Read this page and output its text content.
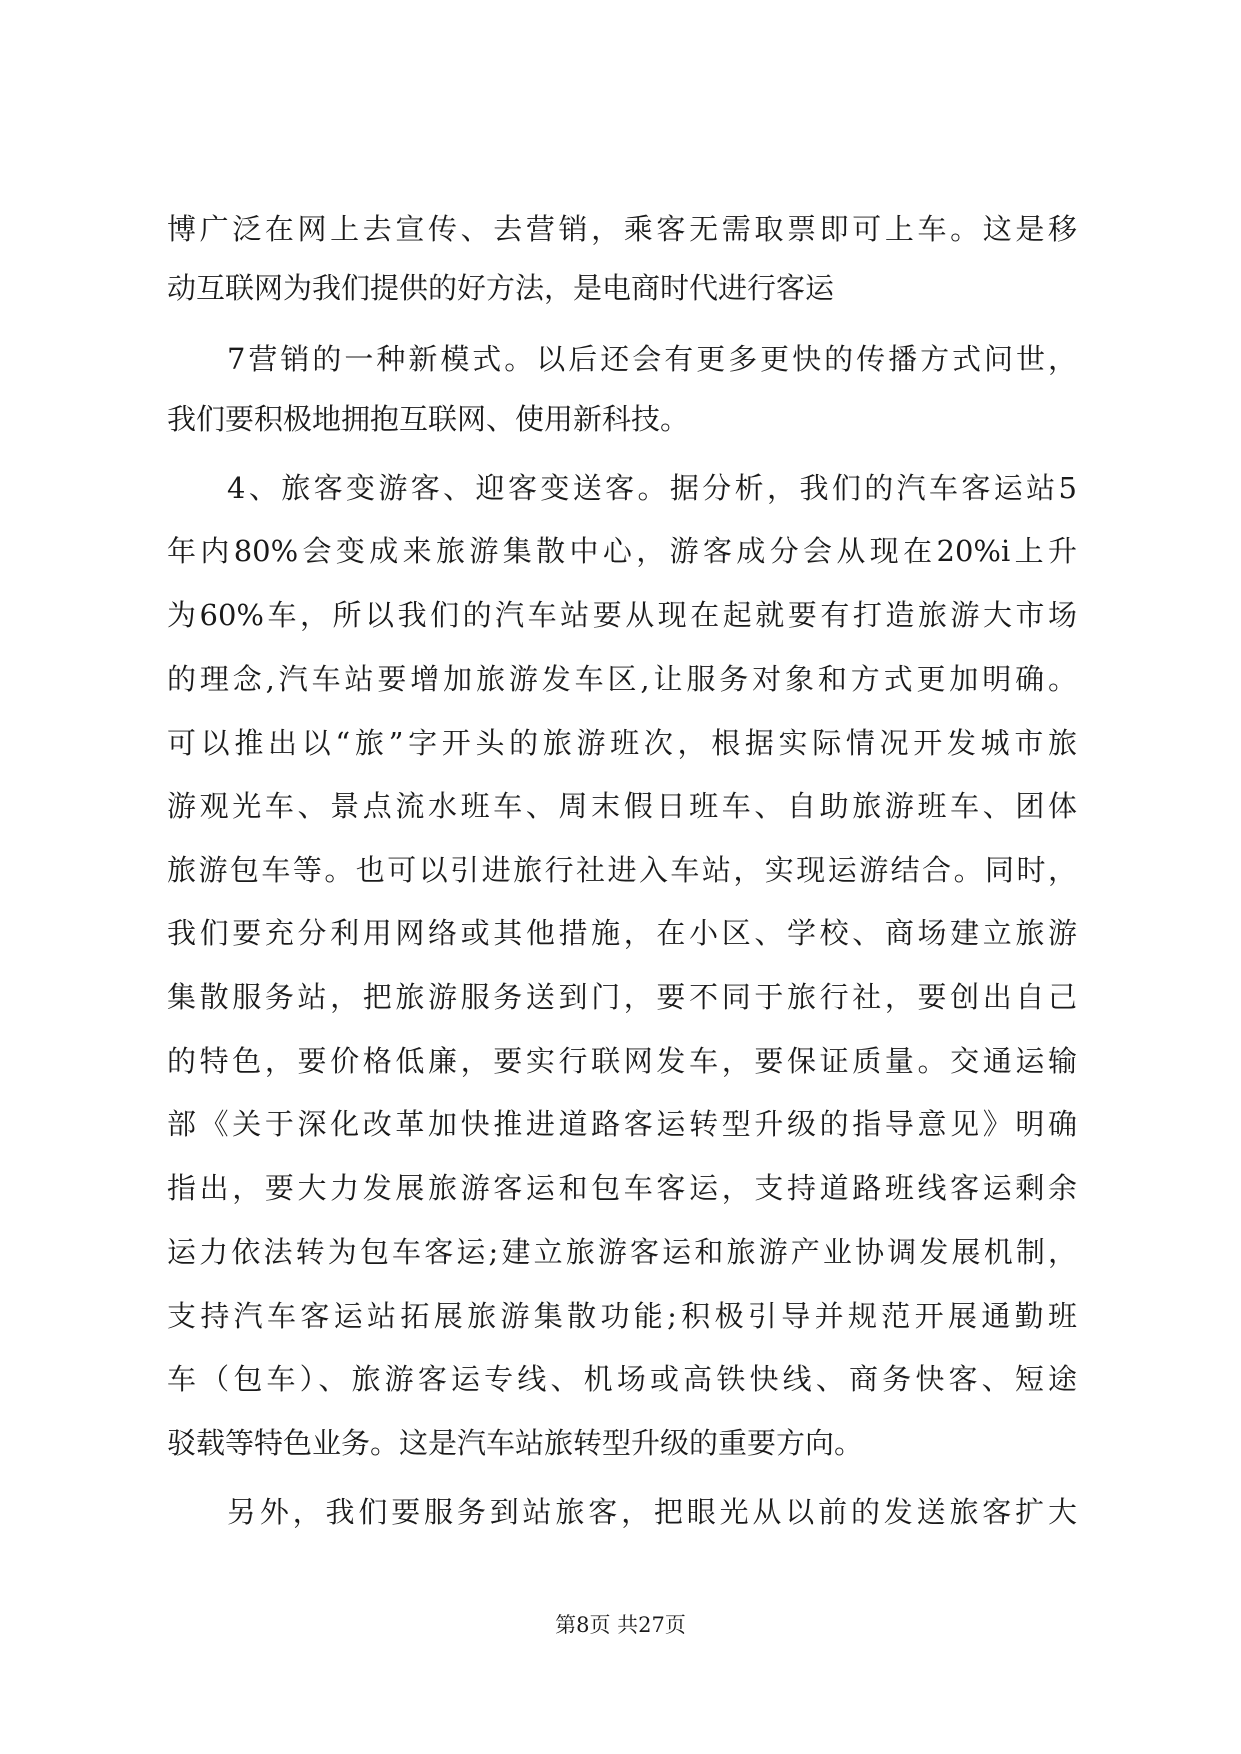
博广泛在网上去宣传、去营销，乘客无需取票即可上车。这是移
动互联网为我们提供的好方法，是电商时代进行客运
7营销的一种新模式。以后还会有更多更快的传播方式问世，
我们要积极地拥抱互联网、使用新科技。
4、旅客变游客、迎客变送客。据分析，我们的汽车客运站5
年内80%会变成来旅游集散中心，游客成分会从现在20%i上升
为60%车，所以我们的汽车站要从现在起就要有打造旅游大市场
的理念,汽车站要增加旅游发车区,让服务对象和方式更加明确。
可以推出以“旅”字开头的旅游班次，根据实际情况开发城市旅
游观光车、景点流水班车、周末假日班车、自助旅游班车、团体
旅游包车等。也可以引进旅行社进入车站，实现运游结合。同时，
我们要充分利用网络或其他措施，在小区、学校、商场建立旅游
集散服务站，把旅游服务送到门，要不同于旅行社，要创出自己
的特色，要价格低廉，要实行联网发车，要保证质量。交通运输
部《关于深化改革加快推进道路客运转型升级的指导意见》明确
指出，要大力发展旅游客运和包车客运，支持道路班线客运剩余
运力依法转为包车客运;建立旅游客运和旅游产业协调发展机制，
支持汽车客运站拓展旅游集散功能;积极引导并规范开展通勤班
车（包车）、旅游客运专线、机场或高铁快线、商务快客、短途
驳载等特色业务。这是汽车站旅转型升级的重要方向。
另外，我们要服务到站旅客，把眼光从以前的发送旅客扩大
第8页 共27页
